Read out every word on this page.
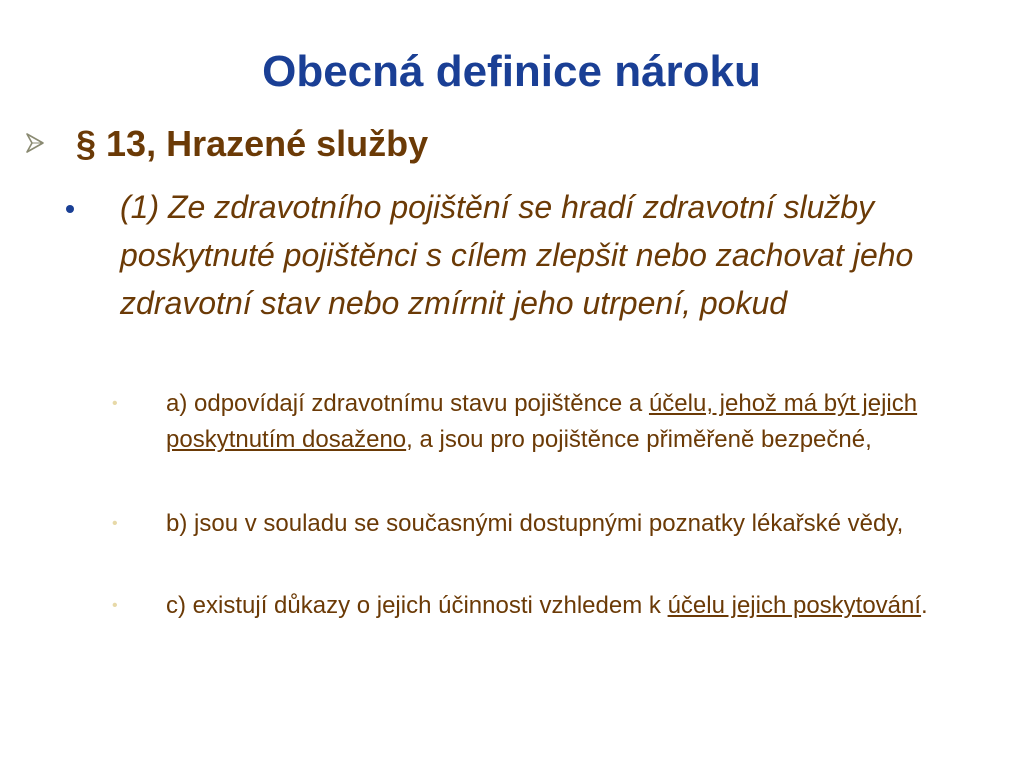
Obecná definice nároku
§ 13, Hrazené služby
(1) Ze zdravotního pojištění se hradí zdravotní služby poskytnuté pojištěnci s cílem zlepšit nebo zachovat jeho zdravotní stav nebo zmírnit jeho utrpení, pokud
• a) odpovídají zdravotnímu stavu pojištěnce a účelu, jehož má být jejich poskytnutím dosaženo, a jsou pro pojištěnce přiměřeně bezpečné,
• b) jsou v souladu se současnými dostupnými poznatky lékařské vědy,
• c) existují důkazy o jejich účinnosti vzhledem k účelu jejich poskytování.
